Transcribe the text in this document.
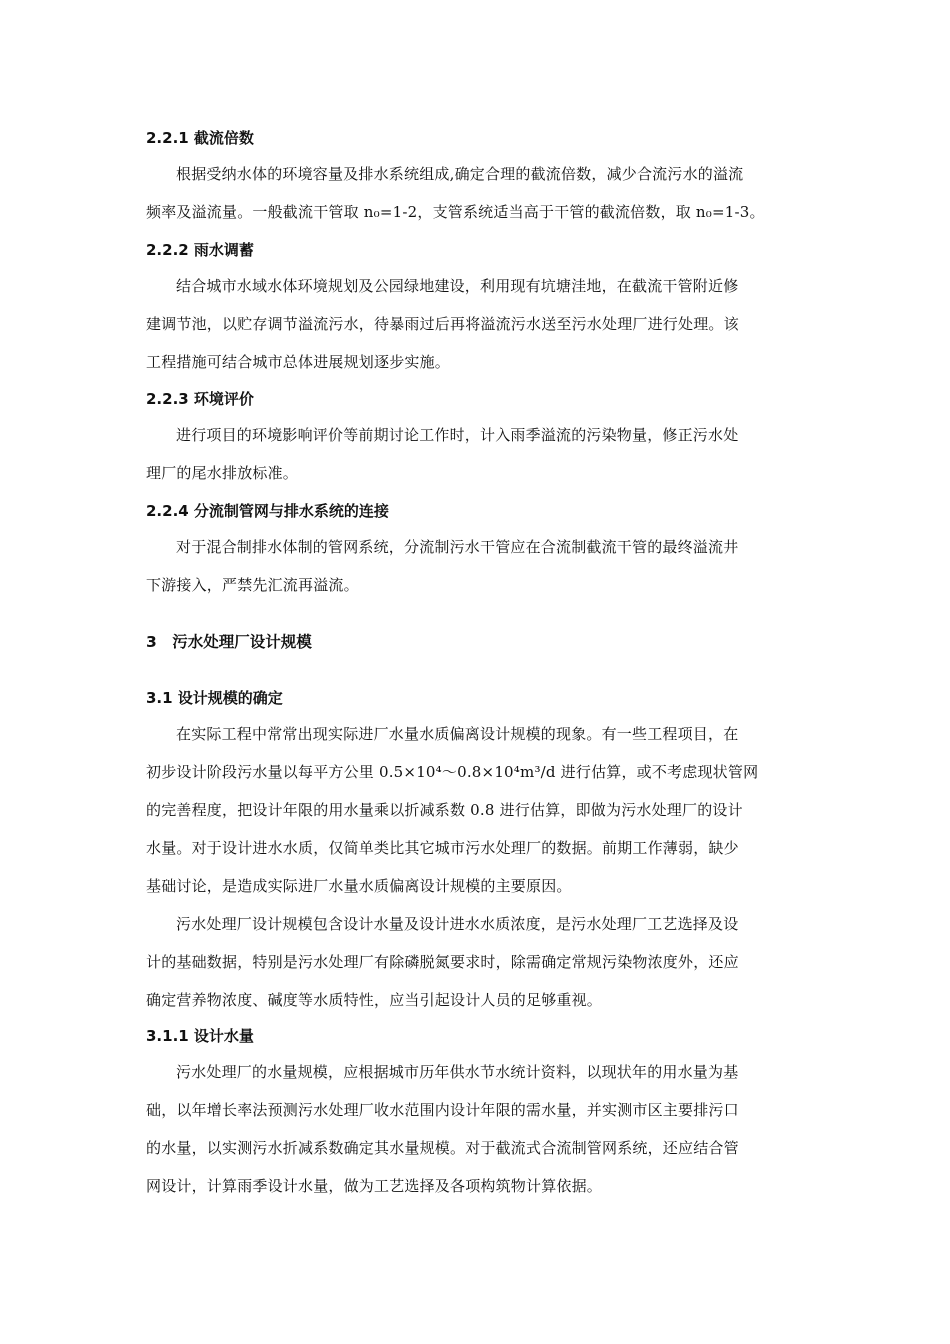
2.2.1 截流倍数
根据受纳水体的环境容量及排水系统组成,确定合理的截流倍数，减少合流污水的溢流
频率及溢流量。一般截流干管取 n₀=1-2，支管系统适当高于干管的截流倍数，取 n₀=1-3。
2.2.2 雨水调蓄
结合城市水域水体环境规划及公园绿地建设，利用现有坑塘洼地，在截流干管附近修
建调节池，以贮存调节溢流污水，待暴雨过后再将溢流污水送至污水处理厂进行处理。该
工程措施可结合城市总体进展规划逐步实施。
2.2.3 环境评价
进行项目的环境影响评价等前期讨论工作时，计入雨季溢流的污染物量，修正污水处
理厂的尾水排放标准。
2.2.4 分流制管网与排水系统的连接
对于混合制排水体制的管网系统，分流制污水干管应在合流制截流干管的最终溢流井
下游接入，严禁先汇流再溢流。
3　污水处理厂设计规模
3.1 设计规模的确定
在实际工程中常常出现实际进厂水量水质偏离设计规模的现象。有一些工程项目，在
初步设计阶段污水量以每平方公里 0.5×10⁴～0.8×10⁴m³/d 进行估算，或不考虑现状管网
的完善程度，把设计年限的用水量乘以折减系数 0.8 进行估算，即做为污水处理厂的设计
水量。对于设计进水水质，仅简单类比其它城市污水处理厂的数据。前期工作薄弱，缺少
基础讨论，是造成实际进厂水量水质偏离设计规模的主要原因。
污水处理厂设计规模包含设计水量及设计进水水质浓度，是污水处理厂工艺选择及设
计的基础数据，特别是污水处理厂有除磷脱氮要求时，除需确定常规污染物浓度外，还应
确定营养物浓度、碱度等水质特性，应当引起设计人员的足够重视。
3.1.1 设计水量
污水处理厂的水量规模，应根据城市历年供水节水统计资料，以现状年的用水量为基
础，以年增长率法预测污水处理厂收水范围内设计年限的需水量，并实测市区主要排污口
的水量，以实测污水折减系数确定其水量规模。对于截流式合流制管网系统，还应结合管
网设计，计算雨季设计水量，做为工艺选择及各项构筑物计算依据。
